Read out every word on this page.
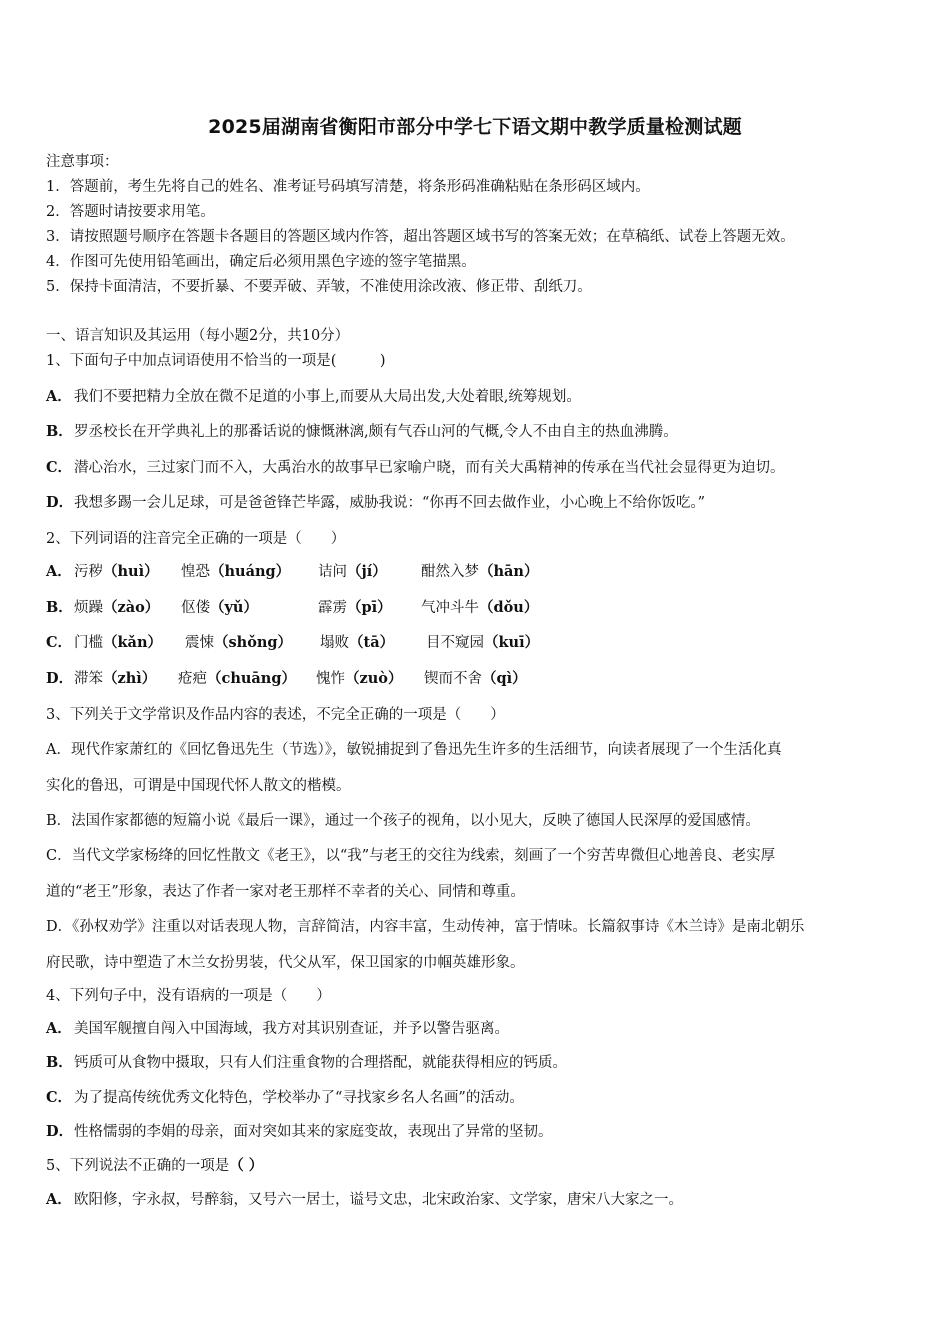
2025届湖南省衡阳市部分中学七下语文期中教学质量检测试题
注意事项：
1．答题前，考生先将自己的姓名、准考证号码填写清楚，将条形码准确粘贴在条形码区域内。
2．答题时请按要求用笔。
3．请按照题号顺序在答题卡各题目的答题区域内作答，超出答题区域书写的答案无效；在草稿纸、试卷上答题无效。
4．作图可先使用铅笔画出，确定后必须用黑色字迹的签字笔描黑。
5．保持卡面清洁，不要折暴、不要弄破、弄皱，不准使用涂改液、修正带、刮纸刀。
一、语言知识及其运用（每小题2分，共10分）
1、下面句子中加点词语使用不恰当的一项是(　　　)
A． 我们不要把精力全放在微不足道的小事上,而要从大局出发,大处着眼,统筹规划。
B．罗丞校长在开学典礼上的那番话说的慷慨淋漓,颇有气吞山河的气概,令人不由自主的热血沸腾。
C． 潜心治水，三过家门而不入，大禹治水的故事早已家喻户晓，而有关大禹精神的传承在当代社会显得更为迫切。
D．我想多踢一会儿足球，可是爸爸锋芒毕露，威胁我说：“你再不回去做作业，小心晚上不给你饭吃。”
2、下列词语的注音完全正确的一项是（　　）
A． 污秽（huì） 惶恐（huáng） 诘问（jí） 酣然入梦（hān）
B． 烦躁（zào） 伛偻（yǔ）	霹雳（pī） 气冲斗牛（dǒu）
C． 门槛（kǎn） 震悚（shǒng） 塌败（tā） 目不窥园（kuī）
D． 滞笨（zhì） 疮疤（chuāng） 愧怍（zuò） 锲而不舍（qì）
3、下列关于文学常识及作品内容的表述，不完全正确的一项是（　　）
A．现代作家萧红的《回忆鲁迅先生（节选）》，敏锐捕捉到了鲁迅先生许多的生活细节，向读者展现了一个生活化真
实化的鲁迅，可谓是中国现代怀人散文的楷模。
B．法国作家都德的短篇小说《最后一课》，通过一个孩子的视角，以小见大，反映了德国人民深厚的爱国感情。
C．当代文学家杨绛的回忆性散文《老王》，以“我”与老王的交往为线索，刻画了一个穷苦卑微但心地善良、老实厚
道的“老王”形象，表达了作者一家对老王那样不幸者的关心、同情和尊重。
D．《孙权劝学》注重以对话表现人物，言辞简洁，内容丰富，生动传神，富于情味。长篇叙事诗《木兰诗》是南北朝乐
府民歌，诗中塑造了木兰女扮男装，代父从军，保卫国家的巾帼英雄形象。
4、下列句子中，没有语病的一项是（　　）
A． 美国军舰擅自闯入中国海域，我方对其识别查证，并予以警告驱离。
B．钙质可从食物中摄取，只有人们注重食物的合理搭配，就能获得相应的钙质。
C． 为了提高传统优秀文化特色，学校举办了“寻找家乡名人名画”的活动。
D．性格懦弱的李娟的母亲，面对突如其来的家庭变故，表现出了异常的坚韧。
5、下列说法不正确的一项是（ ）
A． 欧阳修，字永叔，号醉翁，又号六一居士，谥号文忠，北宋政治家、文学家，唐宋八大家之一。
